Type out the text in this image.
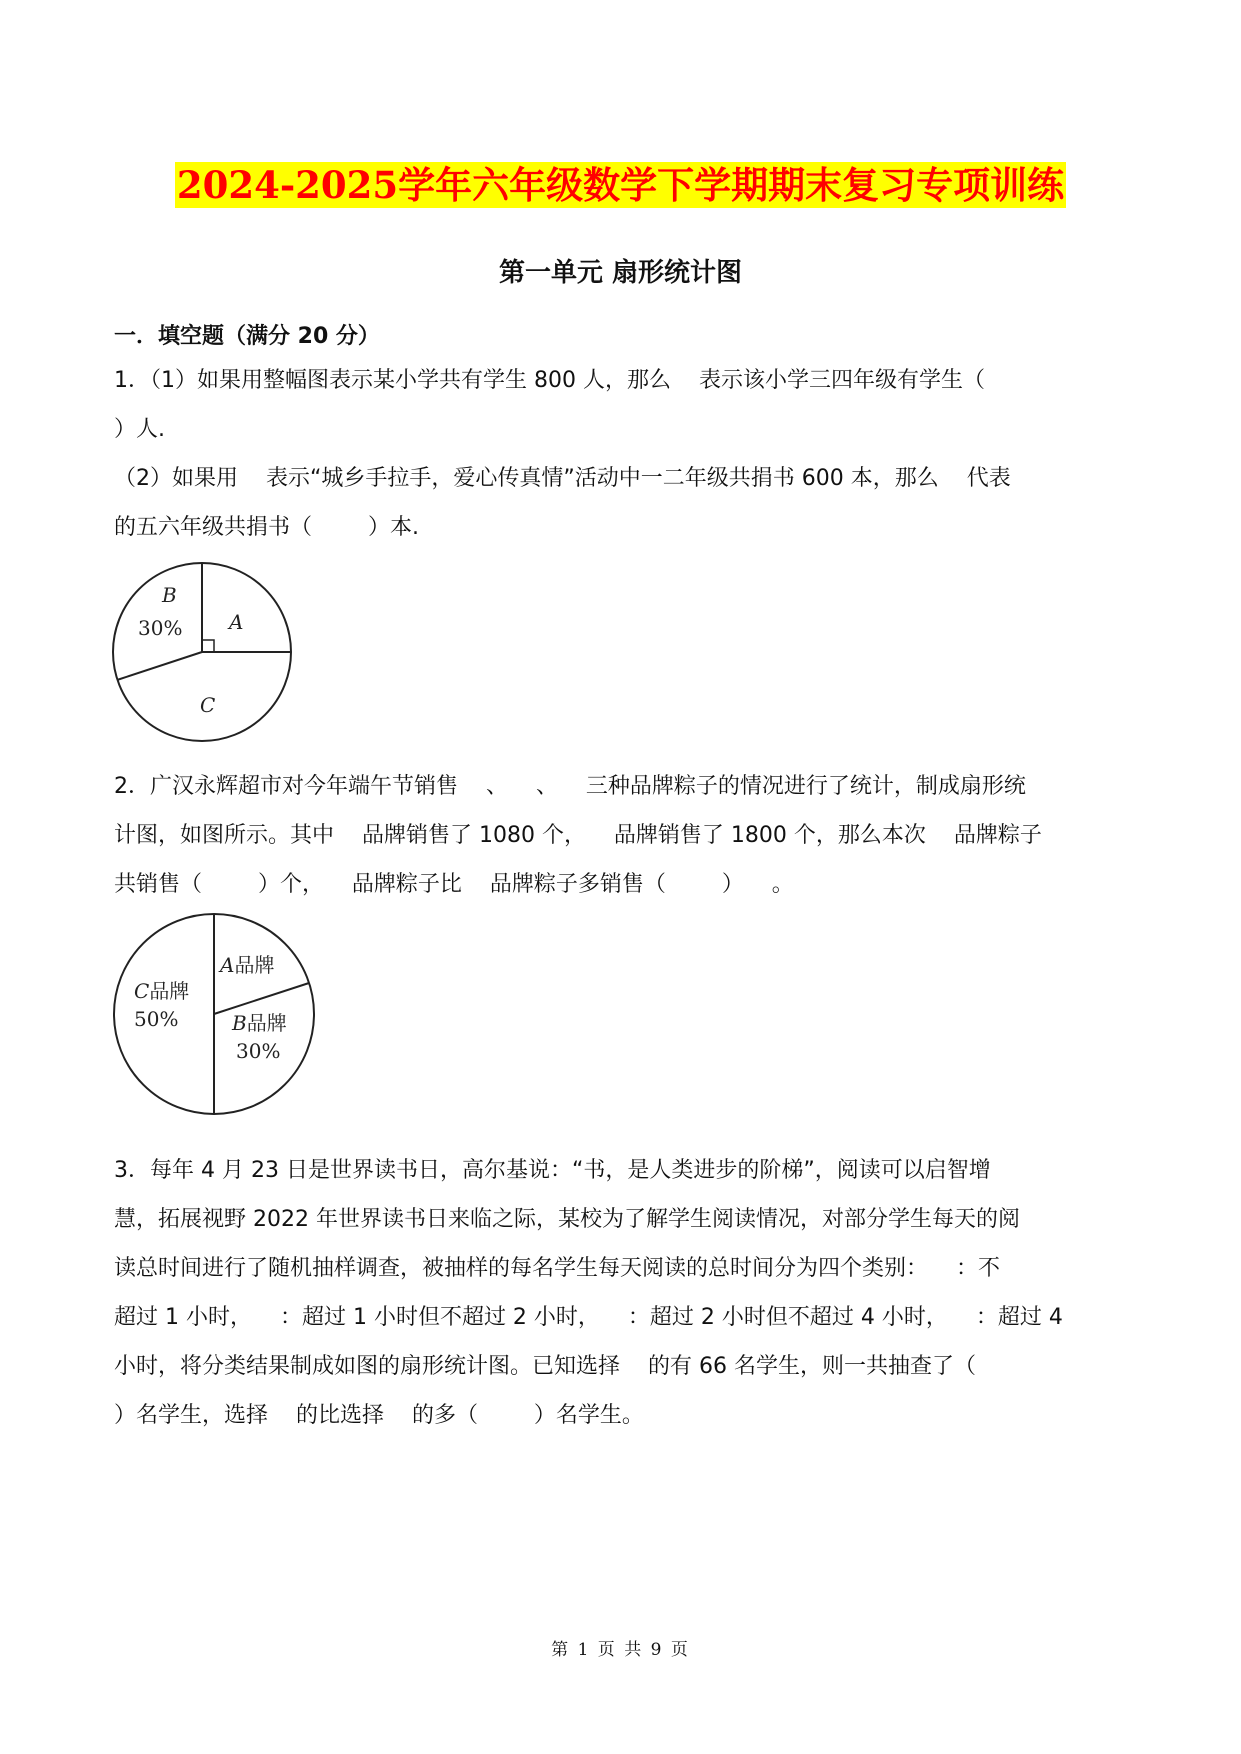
2024-2025学年六年级数学下学期期末复习专项训练
第一单元 扇形统计图
一．填空题（满分 20 分）
1．（1）如果用整幅图表示某小学共有学生 800 人，那么    表示该小学三四年级有学生（
）人.
（2）如果用    表示“城乡手拉手，爱心传真情”活动中一二年级共捐书 600 本，那么    代表
的五六年级共捐书（        ）本.
B
30% A
C
2．广汉永辉超市对今年端午节销售    、    、    三种品牌粽子的情况进行了统计，制成扇形统
计图，如图所示。其中    品牌销售了 1080 个，    品牌销售了 1800 个，那么本次    品牌粽子
共销售（        ）个，    品牌粽子比    品牌粽子多销售（        ）    。
A品牌
B品牌
30%
C品牌
50%
3．每年 4 月 23 日是世界读书日，高尔基说：“书，是人类进步的阶梯”，阅读可以启智增
慧，拓展视野 2022 年世界读书日来临之际，某校为了解学生阅读情况，对部分学生每天的阅
读总时间进行了随机抽样调查，被抽样的每名学生每天阅读的总时间分为四个类别：    ：不
超过 1 小时，    ：超过 1 小时但不超过 2 小时，    ：超过 2 小时但不超过 4 小时，    ：超过 4
小时，将分类结果制成如图的扇形统计图。已知选择    的有 66 名学生，则一共抽查了（
）名学生，选择    的比选择    的多（        ）名学生。
第 1 页 共 9 页
